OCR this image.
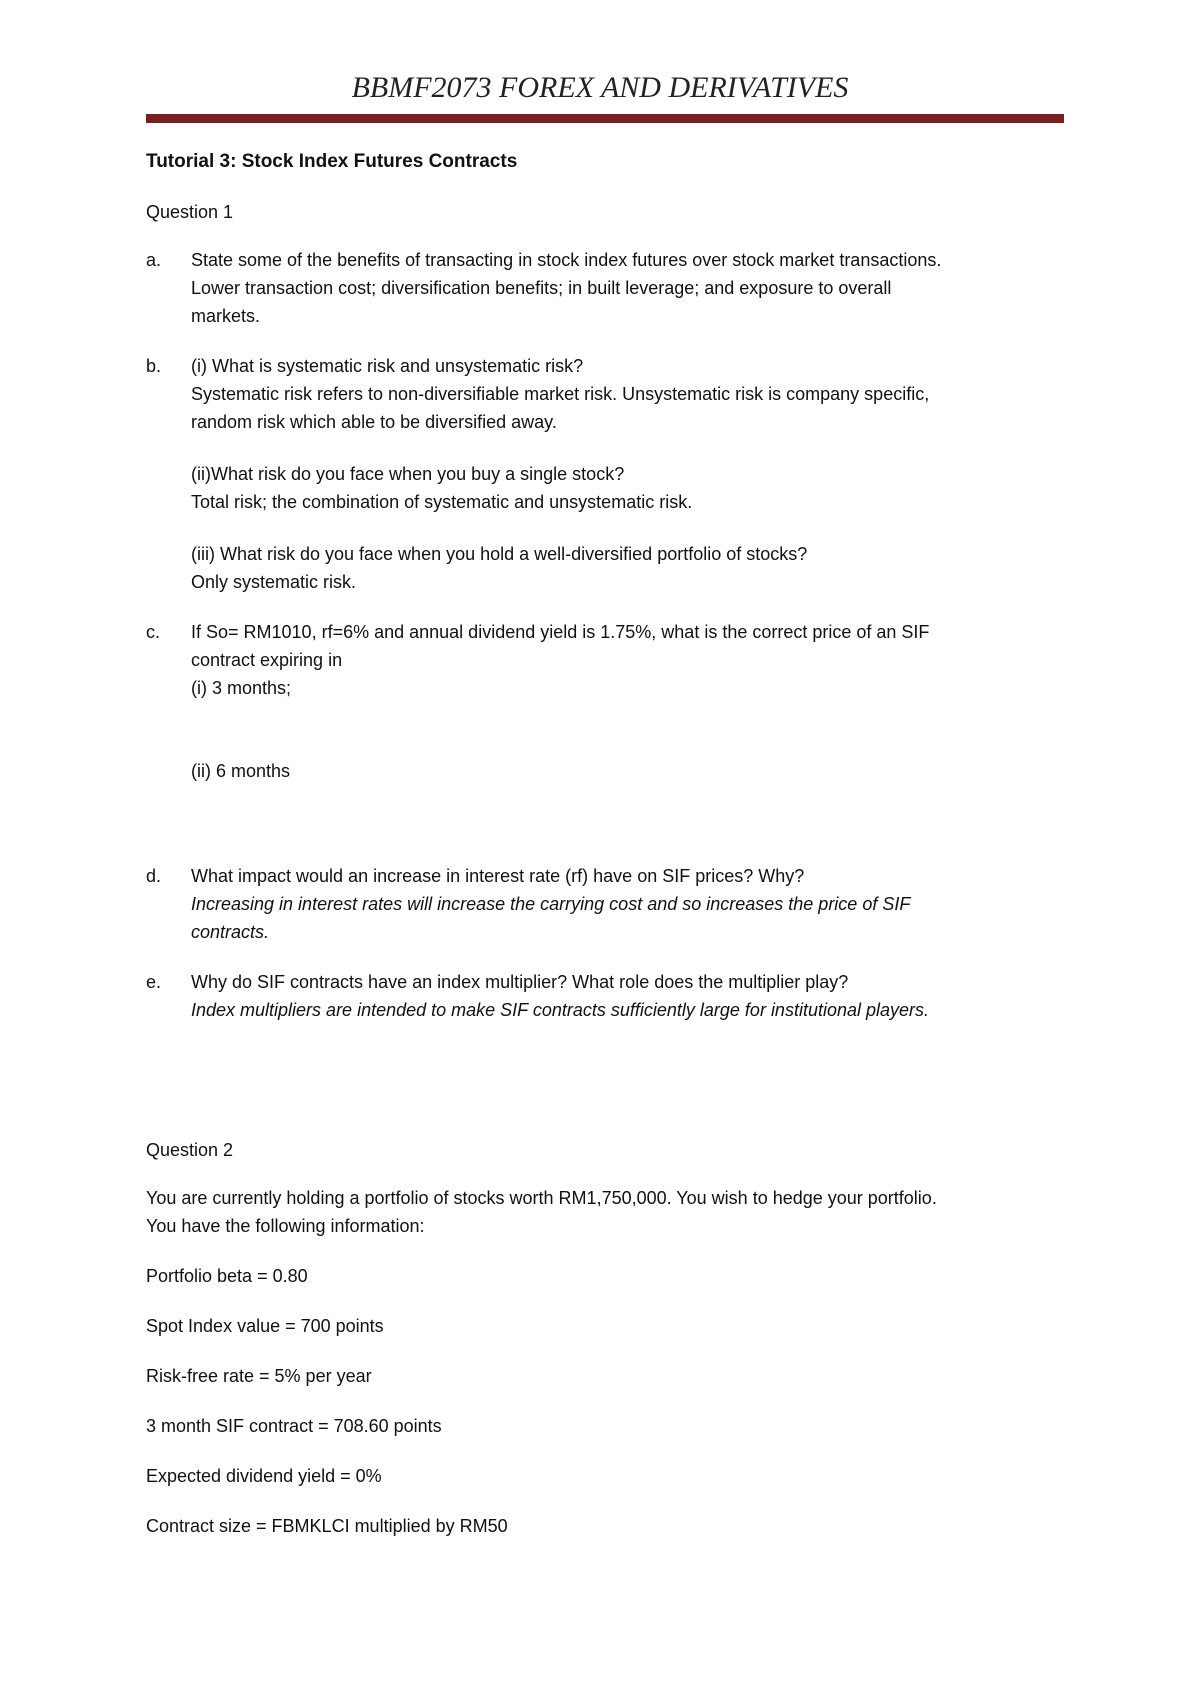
BBMF2073 FOREX AND DERIVATIVES
Tutorial 3: Stock Index Futures Contracts
Question 1
a.	State some of the benefits of transacting in stock index futures over stock market transactions.
Lower transaction cost; diversification benefits; in built leverage; and exposure to overall
markets.
b.	(i) What is systematic risk and unsystematic risk?
Systematic risk refers to non-diversifiable market risk. Unsystematic risk is company specific,
random risk which able to be diversified away.
(ii)What risk do you face when you buy a single stock?
Total risk; the combination of systematic and unsystematic risk.
(iii) What risk do you face when you hold a well-diversified portfolio of stocks?
Only systematic risk.
c.	If So= RM1010, rf=6% and annual dividend yield is 1.75%, what is the correct price of an SIF
contract expiring in
(i) 3 months;
(ii) 6 months
d.	What impact would an increase in interest rate (rf) have on SIF prices? Why?
Increasing in interest rates will increase the carrying cost and so increases the price of SIF
contracts.
e.	Why do SIF contracts have an index multiplier? What role does the multiplier play?
Index multipliers are intended to make SIF contracts sufficiently large for institutional players.
Question 2
You are currently holding a portfolio of stocks worth RM1,750,000. You wish to hedge your portfolio.
You have the following information:
Portfolio beta = 0.80
Spot Index value = 700 points
Risk-free rate = 5% per year
3 month SIF contract = 708.60 points
Expected dividend yield = 0%
Contract size = FBMKLCI multiplied by RM50
